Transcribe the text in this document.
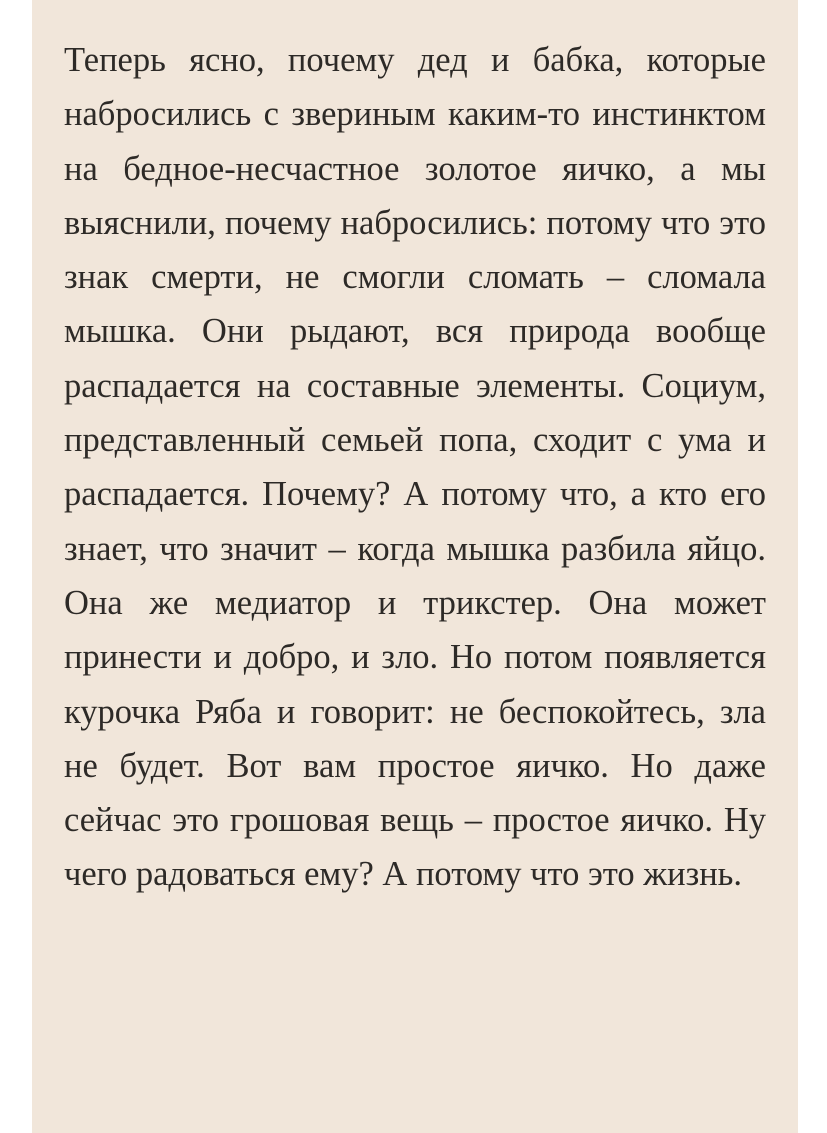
Теперь ясно, почему дед и бабка, которые набросились с звериным каким-то инстинктом на бедное-несчастное золотое яичко, а мы выяснили, почему набросились: потому что это знак смерти, не смогли сломать – сломала мышка. Они рыдают, вся природа вообще распадается на составные элементы. Социум, представленный семьей попа, сходит с ума и распадается. Почему? А потому что, а кто его знает, что значит – когда мышка разбила яйцо. Она же медиатор и трикстер. Она может принести и добро, и зло. Но потом появляется курочка Ряба и говорит: не беспокойтесь, зла не будет. Вот вам простое яичко. Но даже сейчас это грошовая вещь – простое яичко. Ну чего радоваться ему? А потому что это жизнь.
